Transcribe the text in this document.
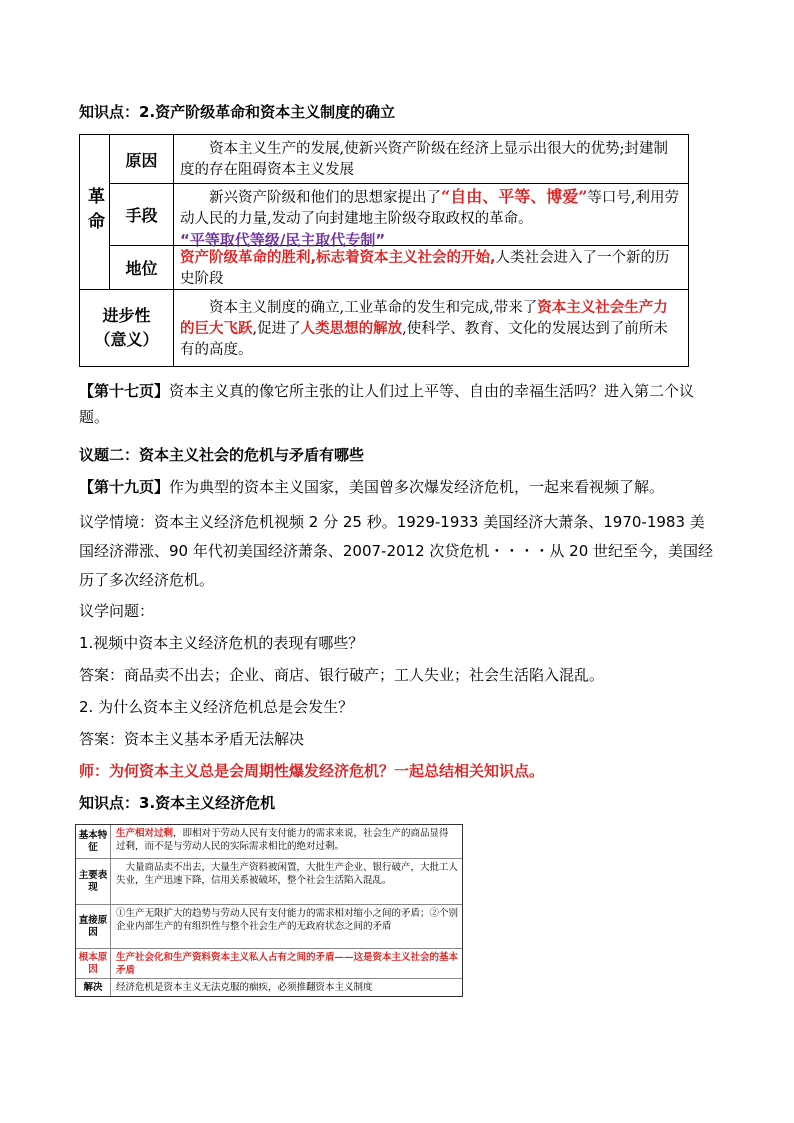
知识点：2.资产阶级革命和资本主义制度的确立
革命
原因
资本主义生产的发展,使新兴资产阶级在经济上显示出很大的优势;封建制度的存在阻碍资本主义发展
手段
新兴资产阶级和他们的思想家提出了“自由、平等、博爱”等口号,利用劳动人民的力量,发动了向封建地主阶级夺取政权的革命。
“平等取代等级/民主取代专制”
地位
资产阶级革命的胜利,标志着资本主义社会的开始,人类社会进入了一个新的历史阶段
进步性
（意义）
资本主义制度的确立,工业革命的发生和完成,带来了资本主义社会生产力的巨大飞跃,促进了人类思想的解放,使科学、教育、文化的发展达到了前所未有的高度。
【第十七页】资本主义真的像它所主张的让人们过上平等、自由的幸福生活吗？进入第二个议题。
议题二：资本主义社会的危机与矛盾有哪些
【第十九页】作为典型的资本主义国家，美国曾多次爆发经济危机，一起来看视频了解。
议学情境：资本主义经济危机视频 2 分 25 秒。1929-1933 美国经济大萧条、1970-1983 美国经济滞涨、90 年代初美国经济萧条、2007-2012 次贷危机・・・・从 20 世纪至今，美国经历了多次经济危机。
议学问题：
1.视频中资本主义经济危机的表现有哪些？
答案：商品卖不出去；企业、商店、银行破产；工人失业；社会生活陷入混乱。
2. 为什么资本主义经济危机总是会发生？
答案：资本主义基本矛盾无法解决
师：为何资本主义总是会周期性爆发经济危机？一起总结相关知识点。
知识点：3.资本主义经济危机
基本特征
生产相对过剩，即相对于劳动人民有支付能力的需求来说，社会生产的商品显得过剩，而不是与劳动人民的实际需求相比的绝对过剩。
主要表现
大量商品卖不出去，大量生产资料被闲置，大批生产企业、银行破产，大批工人失业，生产迅速下降，信用关系被破坏，整个社会生活陷入混乱。
直接原因
①生产无限扩大的趋势与劳动人民有支付能力的需求相对缩小之间的矛盾；②个别企业内部生产的有组织性与整个社会生产的无政府状态之间的矛盾
根本原因
生产社会化和生产资料资本主义私人占有之间的矛盾——这是资本主义社会的基本矛盾
解决	经济危机是资本主义无法克服的痼疾，必须推翻资本主义制度
